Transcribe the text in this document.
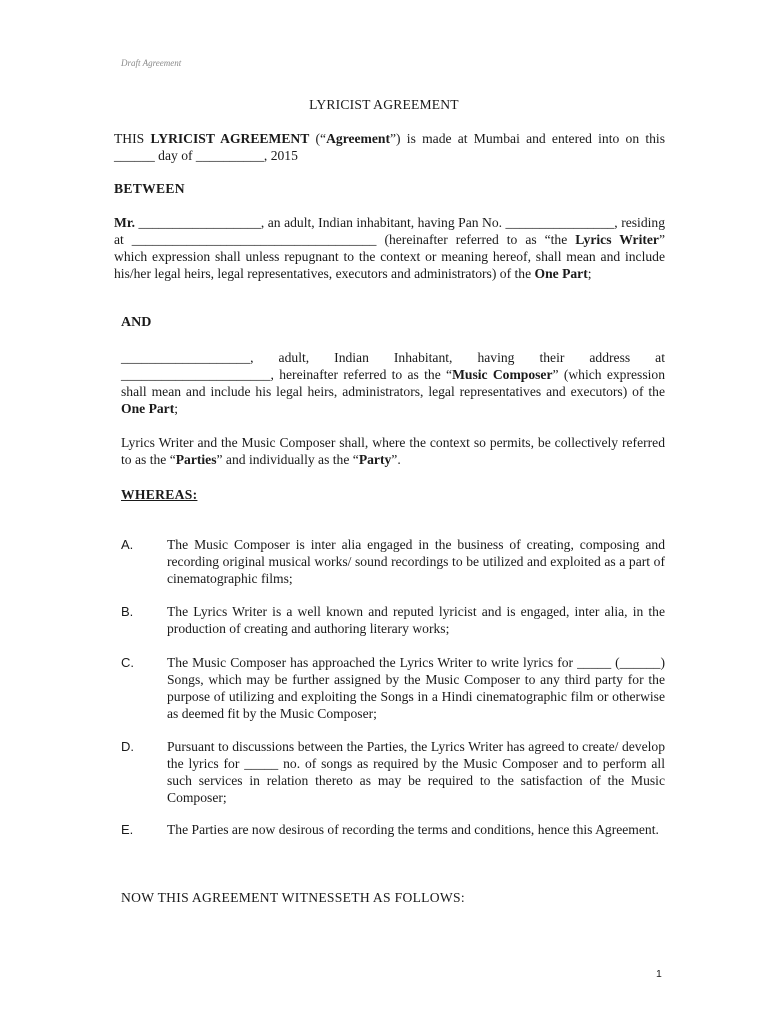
Draft Agreement
LYRICIST AGREEMENT
THIS LYRICIST AGREEMENT (“Agreement”) is made at Mumbai and entered into on this ______ day of __________, 2015
BETWEEN
Mr. __________________, an adult, Indian inhabitant, having Pan No. ________________, residing at ____________________________________ (hereinafter referred to as “the Lyrics Writer” which expression shall unless repugnant to the context or meaning hereof, shall mean and include his/her legal heirs, legal representatives, executors and administrators) of the One Part;
AND
___________________, adult, Indian Inhabitant, having their address at ______________________, hereinafter referred to as the “Music Composer” (which expression shall mean and include his legal heirs, administrators, legal representatives and executors) of the One Part;
Lyrics Writer and the Music Composer shall, where the context so permits, be collectively referred to as the “Parties” and individually as the “Party”.
WHEREAS:
A. The Music Composer is inter alia engaged in the business of creating, composing and recording original musical works/ sound recordings to be utilized and exploited as a part of cinematographic films;
B. The Lyrics Writer is a well known and reputed lyricist and is engaged, inter alia, in the production of creating and authoring literary works;
C. The Music Composer has approached the Lyrics Writer to write lyrics for _____ (______) Songs, which may be further assigned by the Music Composer to any third party for the purpose of utilizing and exploiting the Songs in a Hindi cinematographic film or otherwise as deemed fit by the Music Composer;
D. Pursuant to discussions between the Parties, the Lyrics Writer has agreed to create/ develop the lyrics for _____ no. of songs as required by the Music Composer and to perform all such services in relation thereto as may be required to the satisfaction of the Music Composer;
E. The Parties are now desirous of recording the terms and conditions, hence this Agreement.
NOW THIS AGREEMENT WITNESSETH AS FOLLOWS:
1
